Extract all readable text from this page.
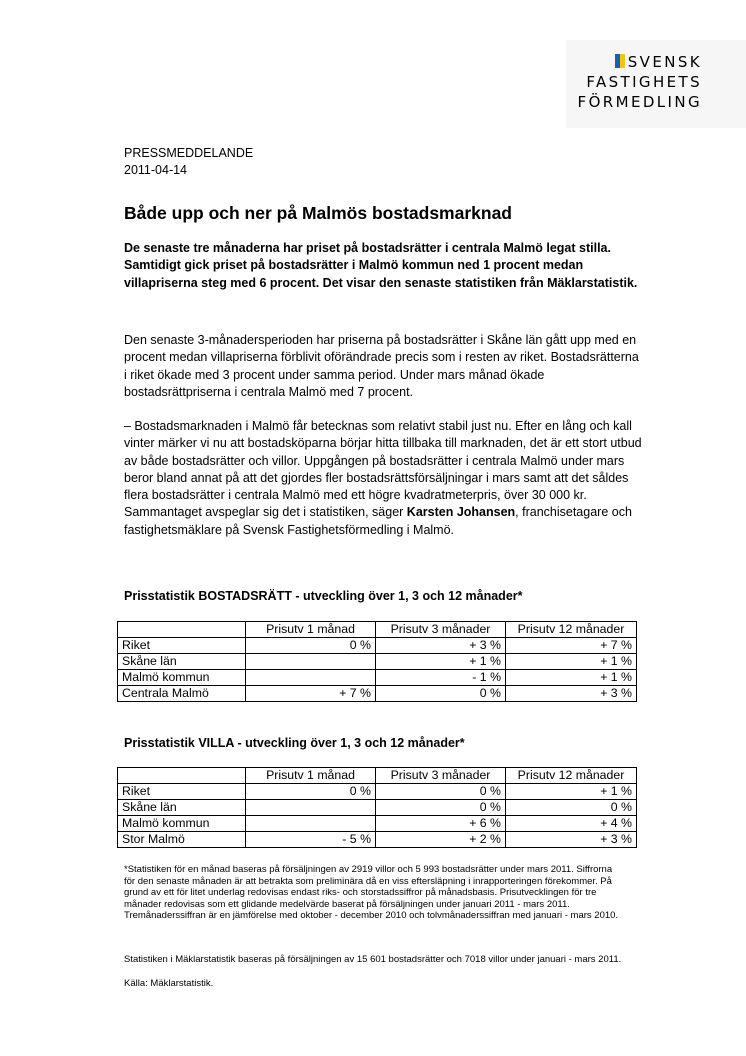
SVENSK
FASTIGHETS
FÖRMEDLING
PRESSMEDDELANDE
2011-04-14
Både upp och ner på Malmös bostadsmarknad

De senaste tre månaderna har priset på bostadsrätter i centrala Malmö legat stilla. Samtidigt gick priset på bostadsrätter i Malmö kommun ned 1 procent medan villapriserna steg med 6 procent. Det visar den senaste statistiken från Mäklarstatistik.

Den senaste 3-månadersperioden har priserna på bostadsrätter i Skåne län gått upp med en procent medan villapriserna förblivit oförändrade precis som i resten av riket. Bostadsrätterna i riket ökade med 3 procent under samma period. Under mars månad ökade bostadsrättpriserna i centrala Malmö med 7 procent.

– Bostadsmarknaden i Malmö får betecknas som relativt stabil just nu. Efter en lång och kall vinter märker vi nu att bostadsköparna börjar hitta tillbaka till marknaden, det är ett stort utbud av både bostadsrätter och villor. Uppgången på bostadsrätter i centrala Malmö under mars beror bland annat på att det gjordes fler bostadsrättsförsäljningar i mars samt att det såldes flera bostadsrätter i centrala Malmö med ett högre kvadratmeterpris, över 30 000 kr. Sammantaget avspeglar sig det i statistiken, säger Karsten Johansen, franchisetagare och fastighetsmäklare på Svensk Fastighetsförmedling i Malmö.

Prisstatistik BOSTADSRÄTT - utveckling över 1, 3 och 12 månader*

	Prisutv 1 månad	Prisutv 3 månader	Prisutv 12 månader
Riket	0 %	+ 3 %	+ 7 %
Skåne län		+ 1 %	+ 1 %
Malmö kommun		- 1 %	+ 1 %
Centrala Malmö	+ 7 %	0 %	+ 3 %

Prisstatistik VILLA - utveckling över 1, 3 och 12 månader*

	Prisutv 1 månad	Prisutv 3 månader	Prisutv 12 månader
Riket	0 %	0 %	+ 1 %
Skåne län		0 %	0 %
Malmö kommun		+ 6 %	+ 4 %
Stor Malmö	- 5 %	+ 2 %	+ 3 %

*Statistiken för en månad baseras på försäljningen av 2919 villor och 5 993 bostadsrätter under mars 2011. Siffrorna för den senaste månaden är att betrakta som preliminära då en viss eftersläpning i inrapporteringen förekommer. På grund av ett för litet underlag redovisas endast riks- och storstadssiffror på månadsbasis. Prisutvecklingen för tre månader redovisas som ett glidande medelvärde baserat på försäljningen under januari 2011 - mars 2011. Tremånaderssiffran är en jämförelse med oktober - december 2010 och tolvmånaderssiffran med januari - mars 2010.

Statistiken i Mäklarstatistik baseras på försäljningen av 15 601 bostadsrätter och 7018 villor under januari - mars 2011.

Källa: Mäklarstatistik.
